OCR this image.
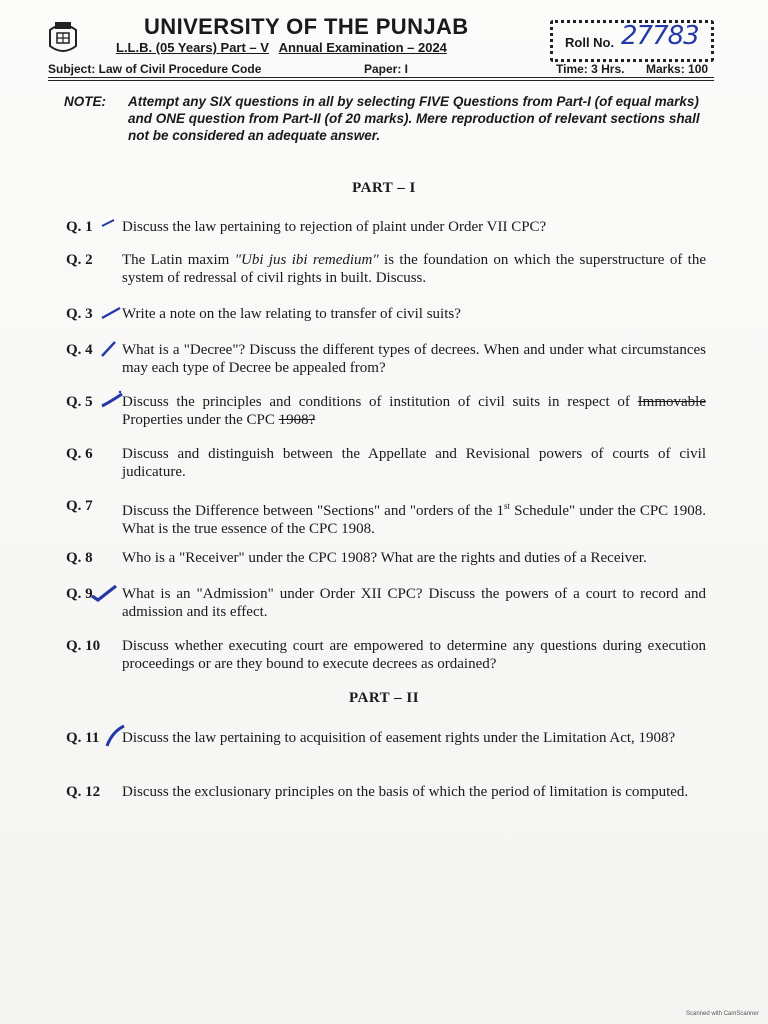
UNIVERSITY OF THE PUNJAB
L.L.B. (05 Years) Part – V Annual Examination – 2024	Roll No. 27783
Subject: Law of Civil Procedure Code	Paper: I	Time: 3 Hrs. Marks: 100
NOTE: Attempt any SIX questions in all by selecting FIVE Questions from Part-I (of equal marks) and ONE question from Part-II (of 20 marks). Mere reproduction of relevant sections shall not be considered an adequate answer.
PART – I
Q. 1	Discuss the law pertaining to rejection of plaint under Order VII CPC?
Q. 2	The Latin maxim "Ubi jus ibi remedium" is the foundation on which the superstructure of the system of redressal of civil rights in built. Discuss.
Q. 3	Write a note on the law relating to transfer of civil suits?
Q. 4	What is a "Decree"? Discuss the different types of decrees. When and under what circumstances may each type of Decree be appealed from?
Q. 5	Discuss the principles and conditions of institution of civil suits in respect of Immovable Properties under the CPC 1908?
Q. 6	Discuss and distinguish between the Appellate and Revisional powers of courts of civil judicature.
Q. 7	Discuss the Difference between "Sections" and "orders of the 1st Schedule" under the CPC 1908. What is the true essence of the CPC 1908.
Q. 8	Who is a "Receiver" under the CPC 1908? What are the rights and duties of a Receiver.
Q. 9	What is an "Admission" under Order XII CPC? Discuss the powers of a court to record and admission and its effect.
Q. 10	Discuss whether executing court are empowered to determine any questions during execution proceedings or are they bound to execute decrees as ordained?
PART – II
Q. 11	Discuss the law pertaining to acquisition of easement rights under the Limitation Act, 1908?
Q. 12	Discuss the exclusionary principles on the basis of which the period of limitation is computed.
Scanned with CamScanner
